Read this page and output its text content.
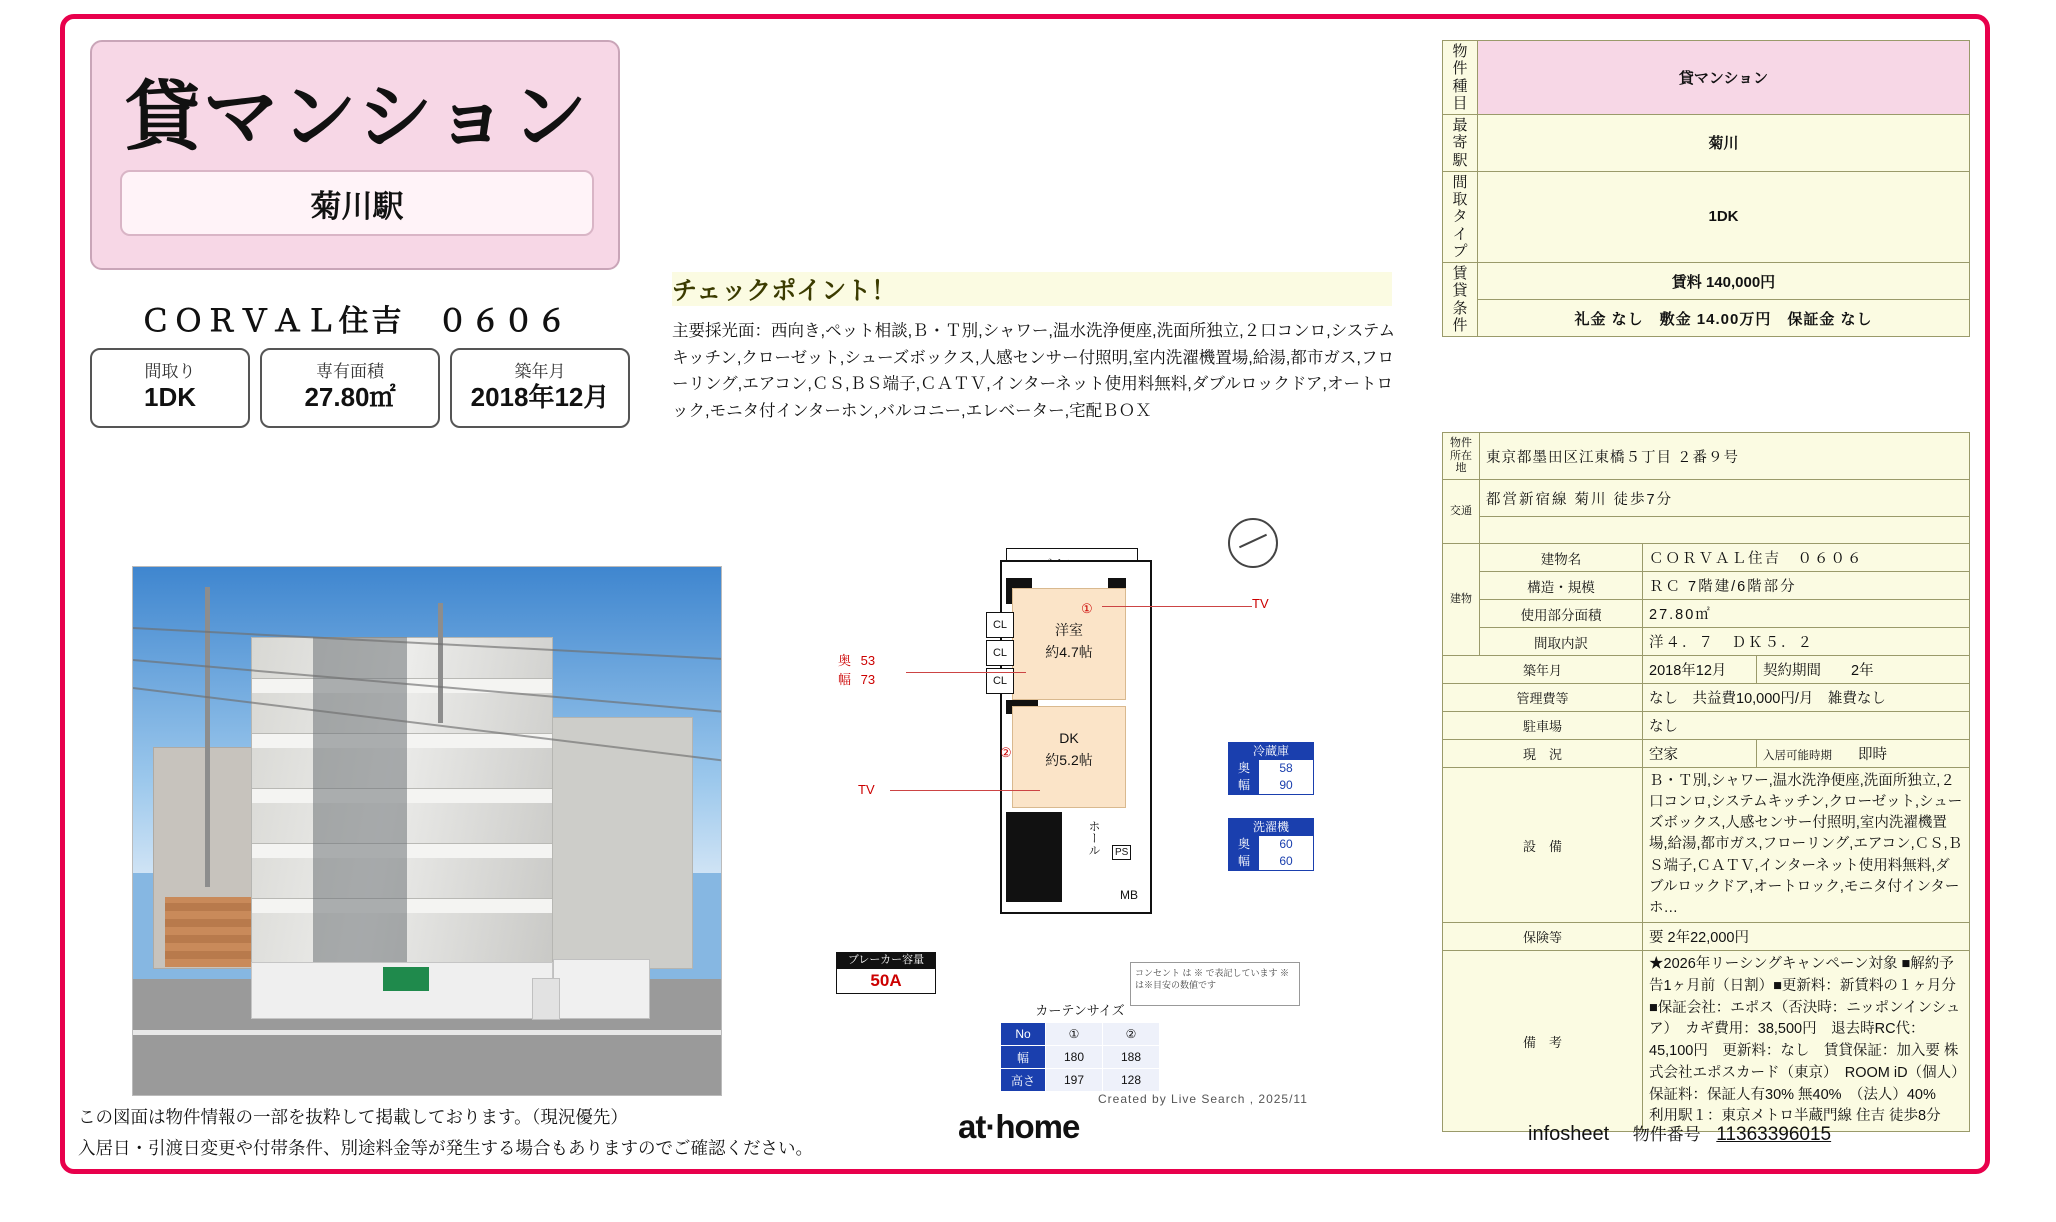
貸マンション
菊川駅
ＣＯＲＶＡＬ住吉　０６０６
間取り
1DK
専有面積
27.80㎡
築年月
2018年12月
チェックポイント！
主要採光面：西向き,ペット相談,Ｂ・Ｔ別,シャワー,温水洗浄便座,洗面所独立,２口コンロ,システムキッチン,クローゼット,シューズボックス,人感センサー付照明,室内洗濯機置場,給湯,都市ガス,フローリング,エアコン,ＣＳ,ＢＳ端子,ＣＡＴＶ,インターネット使用料無料,ダブルロックドア,オートロック,モニタ付インターホン,バルコニー,エレベーター,宅配ＢＯＸ
洋室
約4.7帖
DK
約5.2帖
CL
CL
CL
ホール
玄関 MB
PS
①
②
TV
TV
奥 53
幅 73
冷蔵庫
奥	58
幅	90
洗濯機
奥	60
幅	60
ブレーカー容量
50A
カーテンサイズ
No	①	②
幅	180	188
高さ	197	128
コンセント は ※ で表記しています ※ は※目安の数値です
Created by Live Search , 2025/11
物件種目	貸マンション
最寄駅	菊川
間取タイプ	1DK
賃貸条件	賃料 140,000円
	礼金 なし　敷金 14.00万円　保証金 なし
物件所在地	東京都墨田区江東橋５丁目 ２番９号		
交通	都営新宿線 菊川 徒歩7分		

建物	建物名	ＣＯＲＶＡＬ住吉　０６０６	
	構造・規模	ＲＣ 7階建/6階部分	
	使用部分面積	27.80㎡	
	間取内訳	洋４．７　ＤＫ５．２	
築年月		2018年12月	契約期間 2年
管理費等		なし　共益費10,000円/月　雑費なし	
駐車場		なし	
現　況		空家	入居可能時期 即時
設　備		Ｂ・Ｔ別,シャワー,温水洗浄便座,洗面所独立,２口コンロ,システムキッチン,クローゼット,シューズボックス,人感センサー付照明,室内洗濯機置場,給湯,都市ガス,フローリング,エアコン,ＣＳ,ＢＳ端子,ＣＡＴＶ,インターネット使用料無料,ダブルロックドア,オートロック,モニタ付インターホ…	
保険等		要 2年22,000円	
備　考		★2026年リーシングキャンペーン対象 ■解約予告1ヶ月前（日割）■更新料：新賃料の１ヶ月分■保証会社：エポス（否決時：ニッポンインシュア）　カギ費用：38,500円　退去時RC代：45,100円　更新料：なし　賃貸保証：加入要 株式会社エポスカード（東京）　ROOM iD（個人）保証料：保証人有30% 無40%　（法人）40%　利用駅１：東京メトロ半蔵門線 住吉 徒歩8分	
この図面は物件情報の一部を抜粋して掲載しております。（現況優先）
入居日・引渡日変更や付帯条件、別途料金等が発生する場合もありますのでご確認ください。
at·home	infosheet 物件番号 11363396015
